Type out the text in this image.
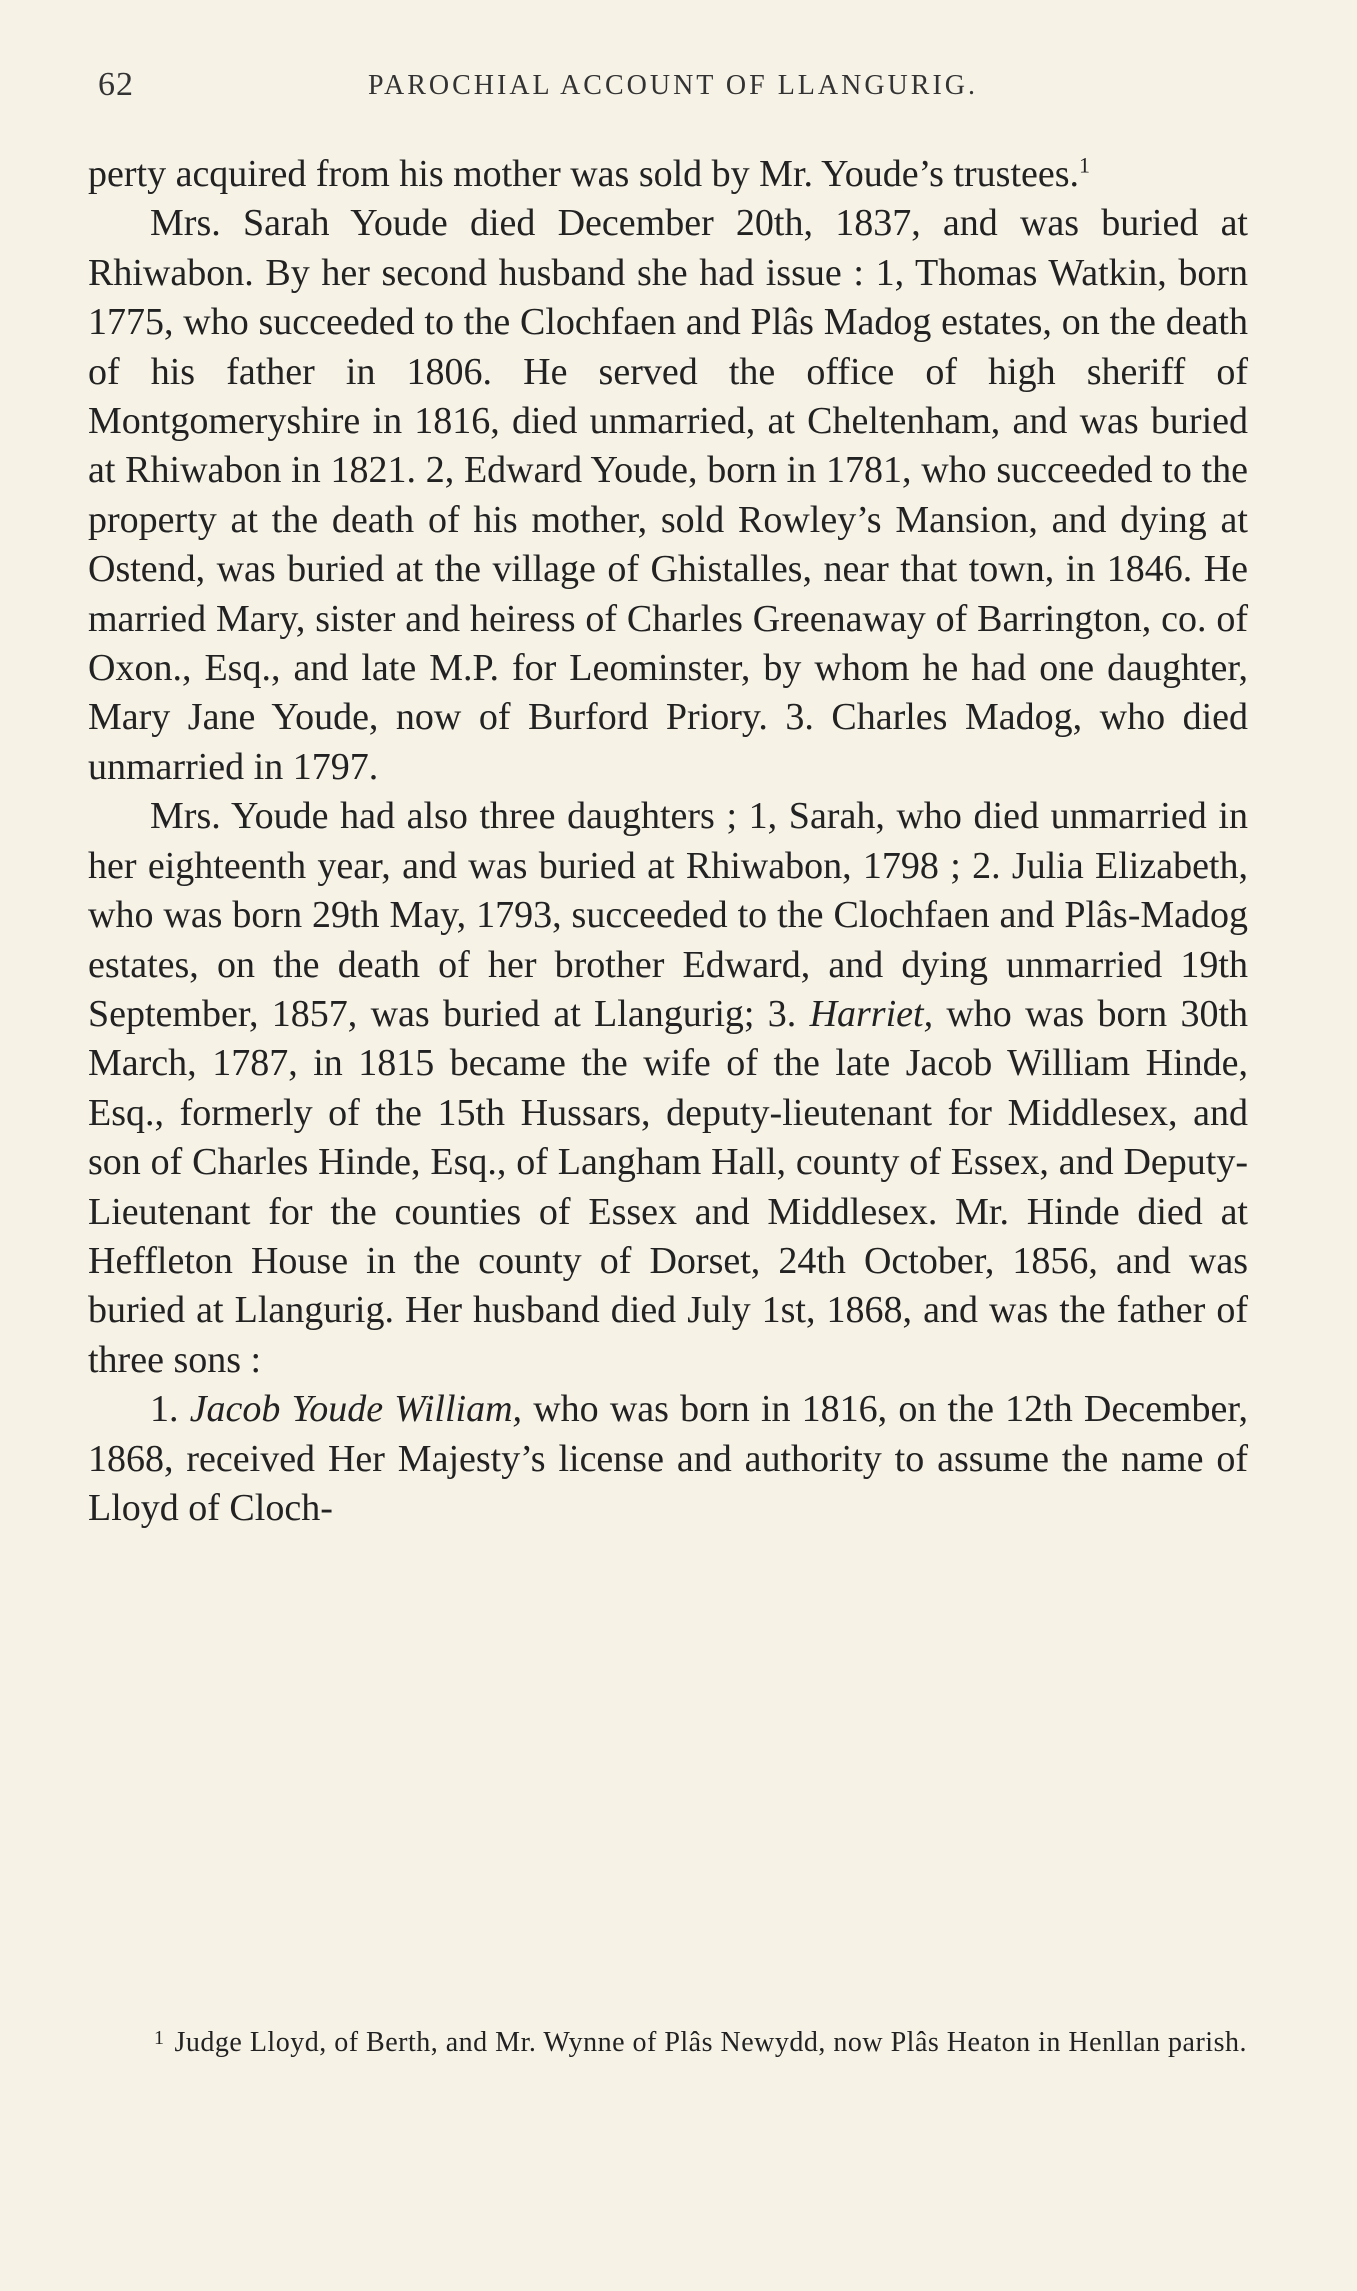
62	PAROCHIAL ACCOUNT OF LLANGURIG.

perty acquired from his mother was sold by Mr. Youde’s trustees.$^1$

Mrs. Sarah Youde died December 20th, 1837, and was buried at Rhiwabon. By her second husband she had issue : 1, Thomas Watkin, born 1775, who succeeded to the Clochfaen and Plâs Madog estates, on the death of his father in 1806. He served the office of high sheriff of Montgomeryshire in 1816, died unmarried, at Cheltenham, and was buried at Rhiwabon in 1821. 2, Edward Youde, born in 1781, who succeeded to the property at the death of his mother, sold Rowley’s Mansion, and dying at Ostend, was buried at the village of Ghistalles, near that town, in 1846. He married Mary, sister and heiress of Charles Greenaway of Barrington, co. of Oxon., Esq., and late M.P. for Leominster, by whom he had one daughter, Mary Jane Youde, now of Burford Priory. 3. Charles Madog, who died unmarried in 1797.

Mrs. Youde had also three daughters ; 1, Sarah, who died unmarried in her eighteenth year, and was buried at Rhiwabon, 1798 ; 2. Julia Elizabeth, who was born 29th May, 1793, succeeded to the Clochfaen and Plâs-Madog estates, on the death of her brother Edward, and dying unmarried 19th September, 1857, was buried at Llangurig; 3. Harriet, who was born 30th March, 1787, in 1815 became the wife of the late Jacob William Hinde, Esq., formerly of the 15th Hussars, deputy-lieutenant for Middlesex, and son of Charles Hinde, Esq., of Langham Hall, county of Essex, and Deputy-Lieutenant for the counties of Essex and Middlesex. Mr. Hinde died at Heffleton House in the county of Dorset, 24th October, 1856, and was buried at Llangurig. Her husband died July 1st, 1868, and was the father of three sons :

1. Jacob Youde William, who was born in 1816, on the 12th December, 1868, received Her Majesty’s license and authority to assume the name of Lloyd of Cloch-

1 Judge Lloyd, of Berth, and Mr. Wynne of Plâs Newydd, now Plâs Heaton in Henllan parish.
